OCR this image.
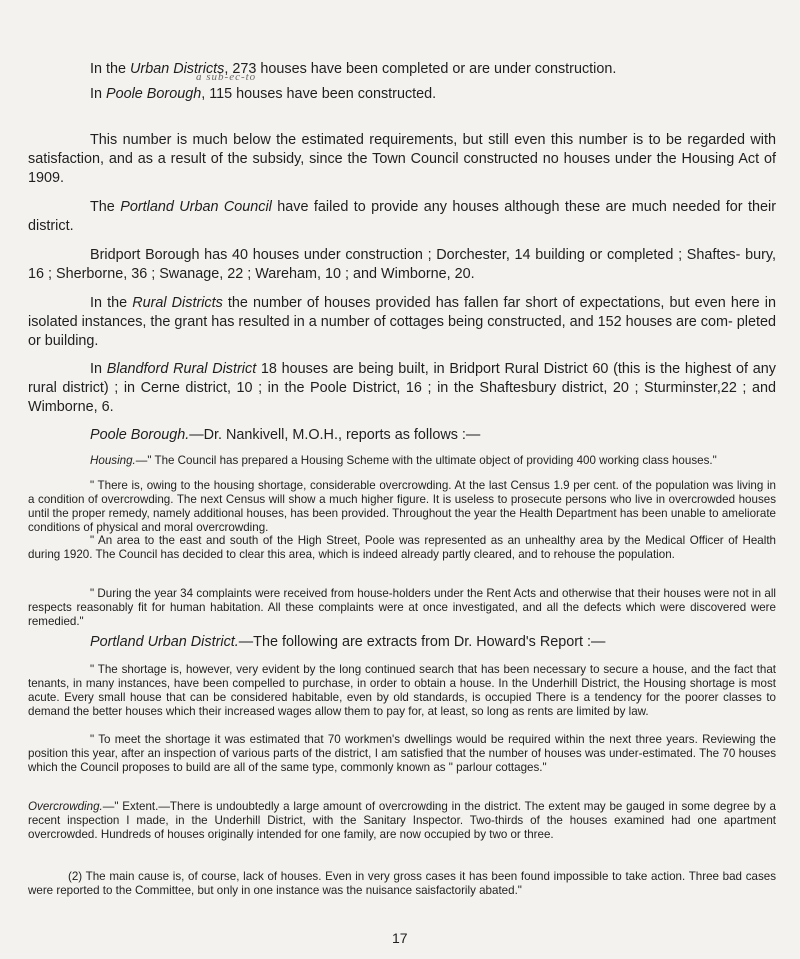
In the Urban Districts, 273 houses have been completed or are under construction.

a sub-ec-to

In Poole Borough, 115 houses have been constructed.

This number is much below the estimated requirements, but still even this number is to be regarded with satisfaction, and as a result of the subsidy, since the Town Council constructed no houses under the Housing Act of 1909.

The Portland Urban Council have failed to provide any houses although these are much needed for their district.

Bridport Borough has 40 houses under construction ; Dorchester, 14 building or completed ; Shaftes- bury, 16 ; Sherborne, 36 ; Swanage, 22 ; Wareham, 10 ; and Wimborne, 20.

In the Rural Districts the number of houses provided has fallen far short of expectations, but even here in isolated instances, the grant has resulted in a number of cottages being constructed, and 152 houses are com- pleted or building.

In Blandford Rural District 18 houses are being built, in Bridport Rural District 60 (this is the highest of any rural district) ; in Cerne district, 10 ; in the Poole District, 16 ; in the Shaftesbury district, 20 ; Sturminster,22 ; and Wimborne, 6.

Poole Borough.—Dr. Nankivell, M.O.H., reports as follows :—

Housing.—" The Council has prepared a Housing Scheme with the ultimate object of providing 400 working class houses."

" There is, owing to the housing shortage, considerable overcrowding. At the last Census 1.9 per cent. of the population was living in a condition of overcrowding. The next Census will show a much higher figure. It is useless to prosecute persons who live in overcrowded houses until the proper remedy, namely additional houses, has been provided. Throughout the year the Health Department has been unable to ameliorate conditions of physical and moral overcrowding.

" An area to the east and south of the High Street, Poole was represented as an unhealthy area by the Medical Officer of Health during 1920. The Council has decided to clear this area, which is indeed already partly cleared, and to rehouse the population.

" During the year 34 complaints were received from house-holders under the Rent Acts and otherwise that their houses were not in all respects reasonably fit for human habitation. All these complaints were at once investigated, and all the defects which were discovered were remedied."

Portland Urban District.—The following are extracts from Dr. Howard's Report :—

" The shortage is, however, very evident by the long continued search that has been necessary to secure a house, and the fact that tenants, in many instances, have been compelled to purchase, in order to obtain a house. In the Underhill District, the Housing shortage is most acute. Every small house that can be considered habitable, even by old standards, is occupied There is a tendency for the poorer classes to demand the better houses which their increased wages allow them to pay for, at least, so long as rents are limited by law.

" To meet the shortage it was estimated that 70 workmen's dwellings would be required within the next three years. Reviewing the position this year, after an inspection of various parts of the district, I am satisfied that the number of houses was under-estimated. The 70 houses which the Council proposes to build are all of the same type, commonly known as " parlour cottages."

Overcrowding.—" Extent.—There is undoubtedly a large amount of overcrowding in the district. The extent may be gauged in some degree by a recent inspection I made, in the Underhill District, with the Sanitary Inspector. Two-thirds of the houses examined had one apartment overcrowded. Hundreds of houses originally intended for one family, are now occupied by two or three.

(2) The main cause is, of course, lack of houses. Even in very gross cases it has been found impossible to take action. Three bad cases were reported to the Committee, but only in one instance was the nuisance saisfactorily abated."

17
